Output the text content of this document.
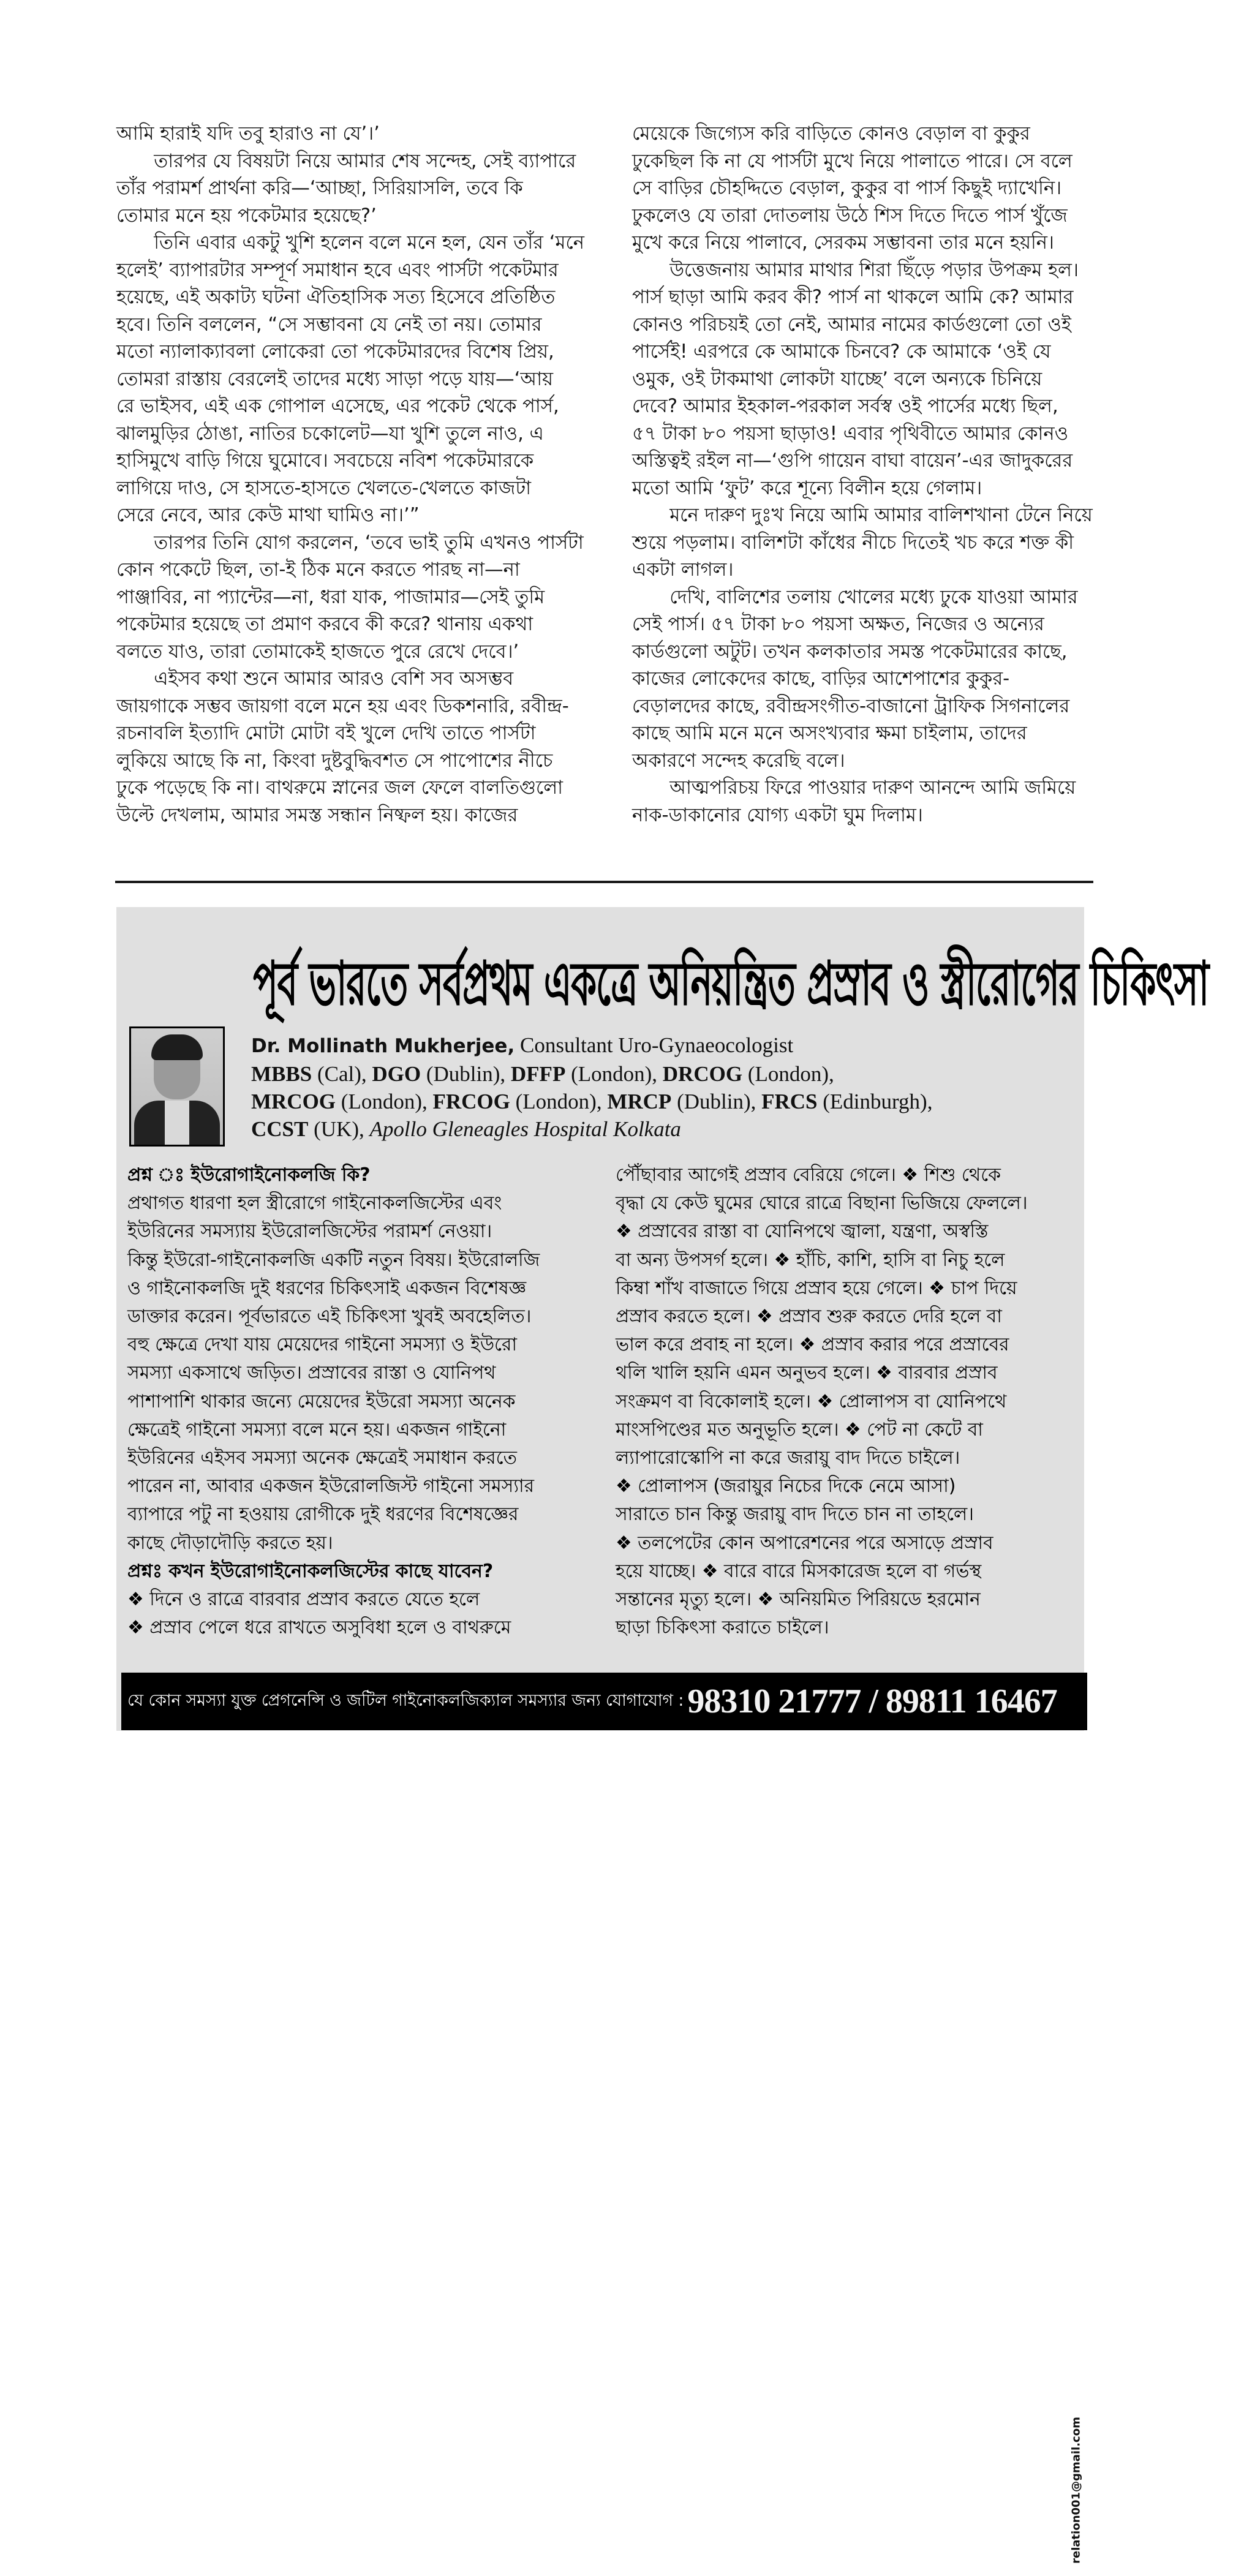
আমি হারাই যদি তবু হারাও না যে’।’
তারপর যে বিষয়টা নিয়ে আমার শেষ সন্দেহ, সেই ব্যাপারে
তাঁর পরামর্শ প্রার্থনা করি—‘আচ্ছা, সিরিয়াসলি, তবে কি
তোমার মনে হয় পকেটমার হয়েছে?’
তিনি এবার একটু খুশি হলেন বলে মনে হল, যেন তাঁর ‘মনে
হলেই’ ব্যাপারটার সম্পূর্ণ সমাধান হবে এবং পার্সটা পকেটমার
হয়েছে, এই অকাট্য ঘটনা ঐতিহাসিক সত্য হিসেবে প্রতিষ্ঠিত
হবে। তিনি বললেন, “সে সম্ভাবনা যে নেই তা নয়। তোমার
মতো ন্যালাক্যাবলা লোকেরা তো পকেটমারদের বিশেষ প্রিয়,
তোমরা রাস্তায় বেরলেই তাদের মধ্যে সাড়া পড়ে যায়—‘আয়
রে ভাইসব, এই এক গোপাল এসেছে, এর পকেট থেকে পার্স,
ঝালমুড়ির ঠোঙা, নাতির চকোলেট—যা খুশি তুলে নাও, এ
হাসিমুখে বাড়ি গিয়ে ঘুমোবে। সবচেয়ে নবিশ পকেটমারকে
লাগিয়ে দাও, সে হাসতে-হাসতে খেলতে-খেলতে কাজটা
সেরে নেবে, আর কেউ মাথা ঘামিও না।’”
তারপর তিনি যোগ করলেন, ‘তবে ভাই তুমি এখনও পার্সটা
কোন পকেটে ছিল, তা-ই ঠিক মনে করতে পারছ না—না
পাঞ্জাবির, না প্যান্টের—না, ধরা যাক, পাজামার—সেই তুমি
পকেটমার হয়েছে তা প্রমাণ করবে কী করে? থানায় একথা
বলতে যাও, তারা তোমাকেই হাজতে পুরে রেখে দেবে।’
এইসব কথা শুনে আমার আরও বেশি সব অসম্ভব
জায়গাকে সম্ভব জায়গা বলে মনে হয় এবং ডিকশনারি, রবীন্দ্র-
রচনাবলি ইত্যাদি মোটা মোটা বই খুলে দেখি তাতে পার্সটা
লুকিয়ে আছে কি না, কিংবা দুষ্টবুদ্ধিবশত সে পাপোশের নীচে
ঢুকে পড়েছে কি না। বাথরুমে স্নানের জল ফেলে বালতিগুলো
উল্টে দেখলাম, আমার সমস্ত সন্ধান নিষ্ফল হয়। কাজের
মেয়েকে জিগ্যেস করি বাড়িতে কোনও বেড়াল বা কুকুর
ঢুকেছিল কি না যে পার্সটা মুখে নিয়ে পালাতে পারে। সে বলে
সে বাড়ির চৌহদ্দিতে বেড়াল, কুকুর বা পার্স কিছুই দ্যাখেনি।
ঢুকলেও যে তারা দোতলায় উঠে শিস দিতে দিতে পার্স খুঁজে
মুখে করে নিয়ে পালাবে, সেরকম সম্ভাবনা তার মনে হয়নি।
উত্তেজনায় আমার মাথার শিরা ছিঁড়ে পড়ার উপক্রম হল।
পার্স ছাড়া আমি করব কী? পার্স না থাকলে আমি কে? আমার
কোনও পরিচয়ই তো নেই, আমার নামের কার্ডগুলো তো ওই
পার্সেই! এরপরে কে আমাকে চিনবে? কে আমাকে ‘ওই যে
ওমুক, ওই টাকমাথা লোকটা যাচ্ছে’ বলে অন্যকে চিনিয়ে
দেবে? আমার ইহকাল-পরকাল সর্বস্ব ওই পার্সের মধ্যে ছিল,
৫৭ টাকা ৮০ পয়সা ছাড়াও! এবার পৃথিবীতে আমার কোনও
অস্তিত্বই রইল না—‘গুপি গায়েন বাঘা বায়েন’-এর জাদুকরের
মতো আমি ‘ফুট’ করে শূন্যে বিলীন হয়ে গেলাম।
মনে দারুণ দুঃখ নিয়ে আমি আমার বালিশখানা টেনে নিয়ে
শুয়ে পড়লাম। বালিশটা কাঁধের নীচে দিতেই খচ করে শক্ত কী
একটা লাগল।
দেখি, বালিশের তলায় খোলের মধ্যে ঢুকে যাওয়া আমার
সেই পার্স। ৫৭ টাকা ৮০ পয়সা অক্ষত, নিজের ও অন্যের
কার্ডগুলো অটুট। তখন কলকাতার সমস্ত পকেটমারের কাছে,
কাজের লোকেদের কাছে, বাড়ির আশেপাশের কুকুর-
বেড়ালদের কাছে, রবীন্দ্রসংগীত-বাজানো ট্রাফিক সিগনালের
কাছে আমি মনে মনে অসংখ্যবার ক্ষমা চাইলাম, তাদের
অকারণে সন্দেহ করেছি বলে।
আত্মপরিচয় ফিরে পাওয়ার দারুণ আনন্দে আমি জমিয়ে
নাক-ডাকানোর যোগ্য একটা ঘুম দিলাম।
পূর্ব ভারতে সর্বপ্রথম একত্রে অনিয়ন্ত্রিত প্রস্রাব ও স্ত্রীরোগের চিকিৎসা
Dr. Mollinath Mukherjee, Consultant Uro-Gynaeocologist
MBBS (Cal), DGO (Dublin), DFFP (London), DRCOG (London),
MRCOG (London), FRCOG (London), MRCP (Dublin), FRCS (Edinburgh),
CCST (UK), Apollo Gleneagles Hospital Kolkata
প্রশ্ন ঃ ইউরোগাইনোকলজি কি?
প্রথাগত ধারণা হল স্ত্রীরোগে গাইনোকলজিস্টের এবং
ইউরিনের সমস্যায় ইউরোলজিস্টের পরামর্শ নেওয়া।
কিন্তু ইউরো-গাইনোকলজি একটি নতুন বিষয়। ইউরোলজি
ও গাইনোকলজি দুই ধরণের চিকিৎসাই একজন বিশেষজ্ঞ
ডাক্তার করেন। পূর্বভারতে এই চিকিৎসা খুবই অবহেলিত।
বহু ক্ষেত্রে দেখা যায় মেয়েদের গাইনো সমস্যা ও ইউরো
সমস্যা একসাথে জড়িত। প্রস্রাবের রাস্তা ও যোনিপথ
পাশাপাশি থাকার জন্যে মেয়েদের ইউরো সমস্যা অনেক
ক্ষেত্রেই গাইনো সমস্যা বলে মনে হয়। একজন গাইনো
ইউরিনের এইসব সমস্যা অনেক ক্ষেত্রেই সমাধান করতে
পারেন না, আবার একজন ইউরোলজিস্ট গাইনো সমস্যার
ব্যাপারে পটু না হওয়ায় রোগীকে দুই ধরণের বিশেষজ্ঞের
কাছে দৌড়াদৌড়ি করতে হয়।
প্রশ্নঃ কখন ইউরোগাইনোকলজিস্টের কাছে যাবেন?
❖ দিনে ও রাত্রে বারবার প্রস্রাব করতে যেতে হলে
❖ প্রস্রাব পেলে ধরে রাখতে অসুবিধা হলে ও বাথরুমে
পৌঁছাবার আগেই প্রস্রাব বেরিয়ে গেলে। ❖ শিশু থেকে
বৃদ্ধা যে কেউ ঘুমের ঘোরে রাত্রে বিছানা ভিজিয়ে ফেললে।
❖ প্রস্রাবের রাস্তা বা যোনিপথে জ্বালা, যন্ত্রণা, অস্বস্তি
বা অন্য উপসর্গ হলে। ❖ হাঁচি, কাশি, হাসি বা নিচু হলে
কিম্বা শাঁখ বাজাতে গিয়ে প্রস্রাব হয়ে গেলে। ❖ চাপ দিয়ে
প্রস্রাব করতে হলে। ❖ প্রস্রাব শুরু করতে দেরি হলে বা
ভাল করে প্রবাহ না হলে। ❖ প্রস্রাব করার পরে প্রস্রাবের
থলি খালি হয়নি এমন অনুভব হলে। ❖ বারবার প্রস্রাব
সংক্রমণ বা বিকোলাই হলে। ❖ প্রোলাপস বা যোনিপথে
মাংসপিণ্ডের মত অনুভূতি হলে। ❖ পেট না কেটে বা
ল্যাপারোস্কোপি না করে জরায়ু বাদ দিতে চাইলে।
❖ প্রোলাপস (জরায়ুর নিচের দিকে নেমে আসা)
সারাতে চান কিন্তু জরায়ু বাদ দিতে চান না তাহলে।
❖ তলপেটের কোন অপারেশনের পরে অসাড়ে প্রস্রাব
হয়ে যাচ্ছে। ❖ বারে বারে মিসকারেজ হলে বা গর্ভস্থ
সন্তানের মৃত্যু হলে। ❖ অনিয়মিত পিরিয়ডে হরমোন
ছাড়া চিকিৎসা করাতে চাইলে।
relation001@gmail.com
যে কোন সমস্যা যুক্ত প্রেগনেন্সি ও জটিল গাইনোকলজিক্যাল সমস্যার জন্য যোগাযোগ : 98310 21777 / 89811 16467
